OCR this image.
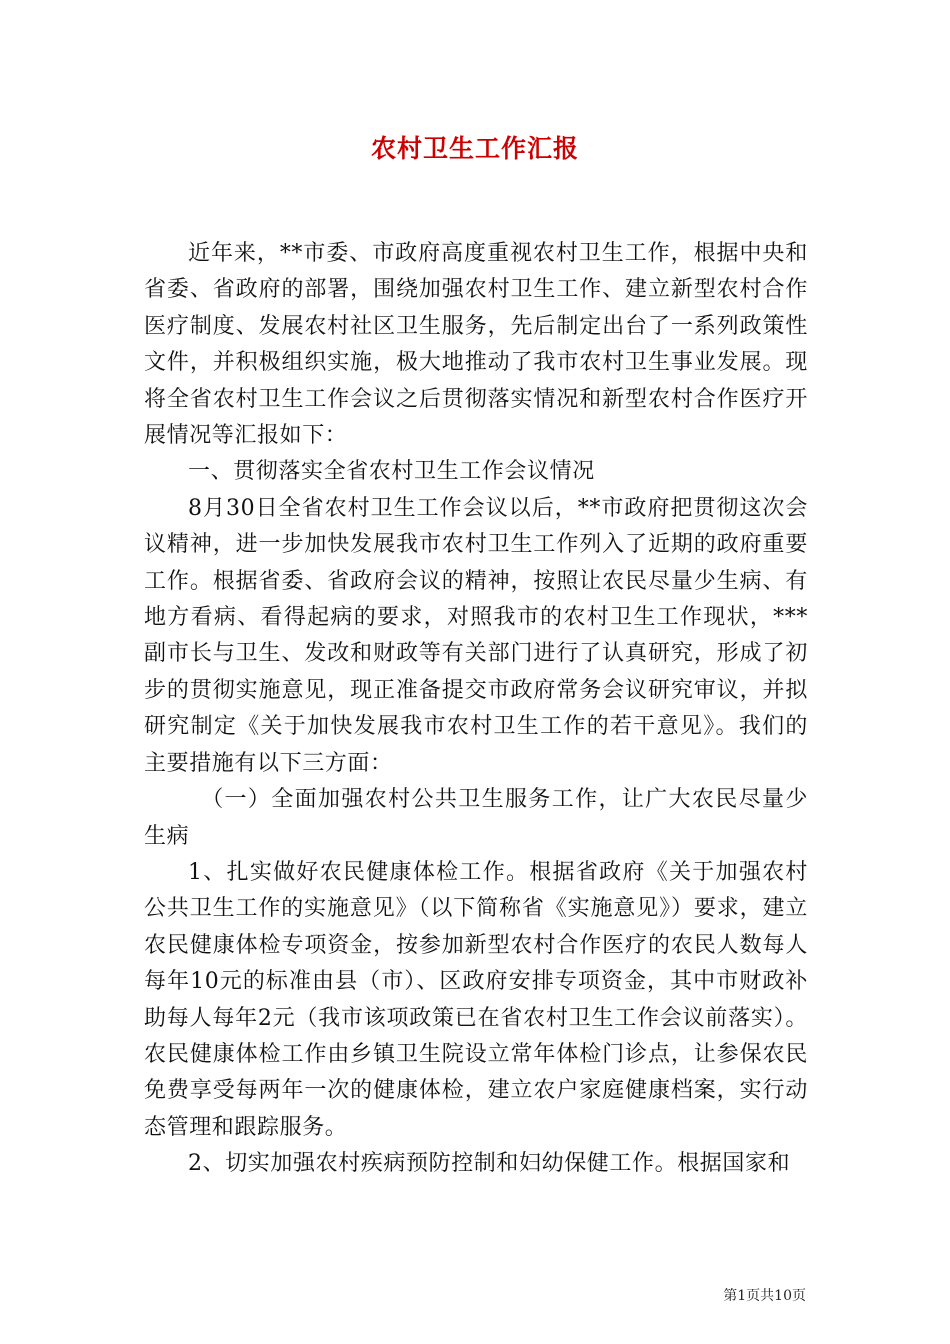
农村卫生工作汇报

近年来，**市委、市政府高度重视农村卫生工作，根据中央和省委、省政府的部署，围绕加强农村卫生工作、建立新型农村合作医疗制度、发展农村社区卫生服务，先后制定出台了一系列政策性文件，并积极组织实施，极大地推动了我市农村卫生事业发展。现将全省农村卫生工作会议之后贯彻落实情况和新型农村合作医疗开展情况等汇报如下：

一、贯彻落实全省农村卫生工作会议情况

8月30日全省农村卫生工作会议以后，**市政府把贯彻这次会议精神，进一步加快发展我市农村卫生工作列入了近期的政府重要工作。根据省委、省政府会议的精神，按照让农民尽量少生病、有地方看病、看得起病的要求，对照我市的农村卫生工作现状，***副市长与卫生、发改和财政等有关部门进行了认真研究，形成了初步的贯彻实施意见，现正准备提交市政府常务会议研究审议，并拟研究制定《关于加快发展我市农村卫生工作的若干意见》。我们的主要措施有以下三方面：

（一）全面加强农村公共卫生服务工作，让广大农民尽量少生病

1、扎实做好农民健康体检工作。根据省政府《关于加强农村公共卫生工作的实施意见》（以下简称省《实施意见》）要求，建立农民健康体检专项资金，按参加新型农村合作医疗的农民人数每人每年10元的标准由县（市）、区政府安排专项资金，其中市财政补助每人每年2元（我市该项政策已在省农村卫生工作会议前落实）。农民健康体检工作由乡镇卫生院设立常年体检门诊点，让参保农民免费享受每两年一次的健康体检，建立农户家庭健康档案，实行动态管理和跟踪服务。

2、切实加强农村疾病预防控制和妇幼保健工作。根据国家和

第1页共10页
